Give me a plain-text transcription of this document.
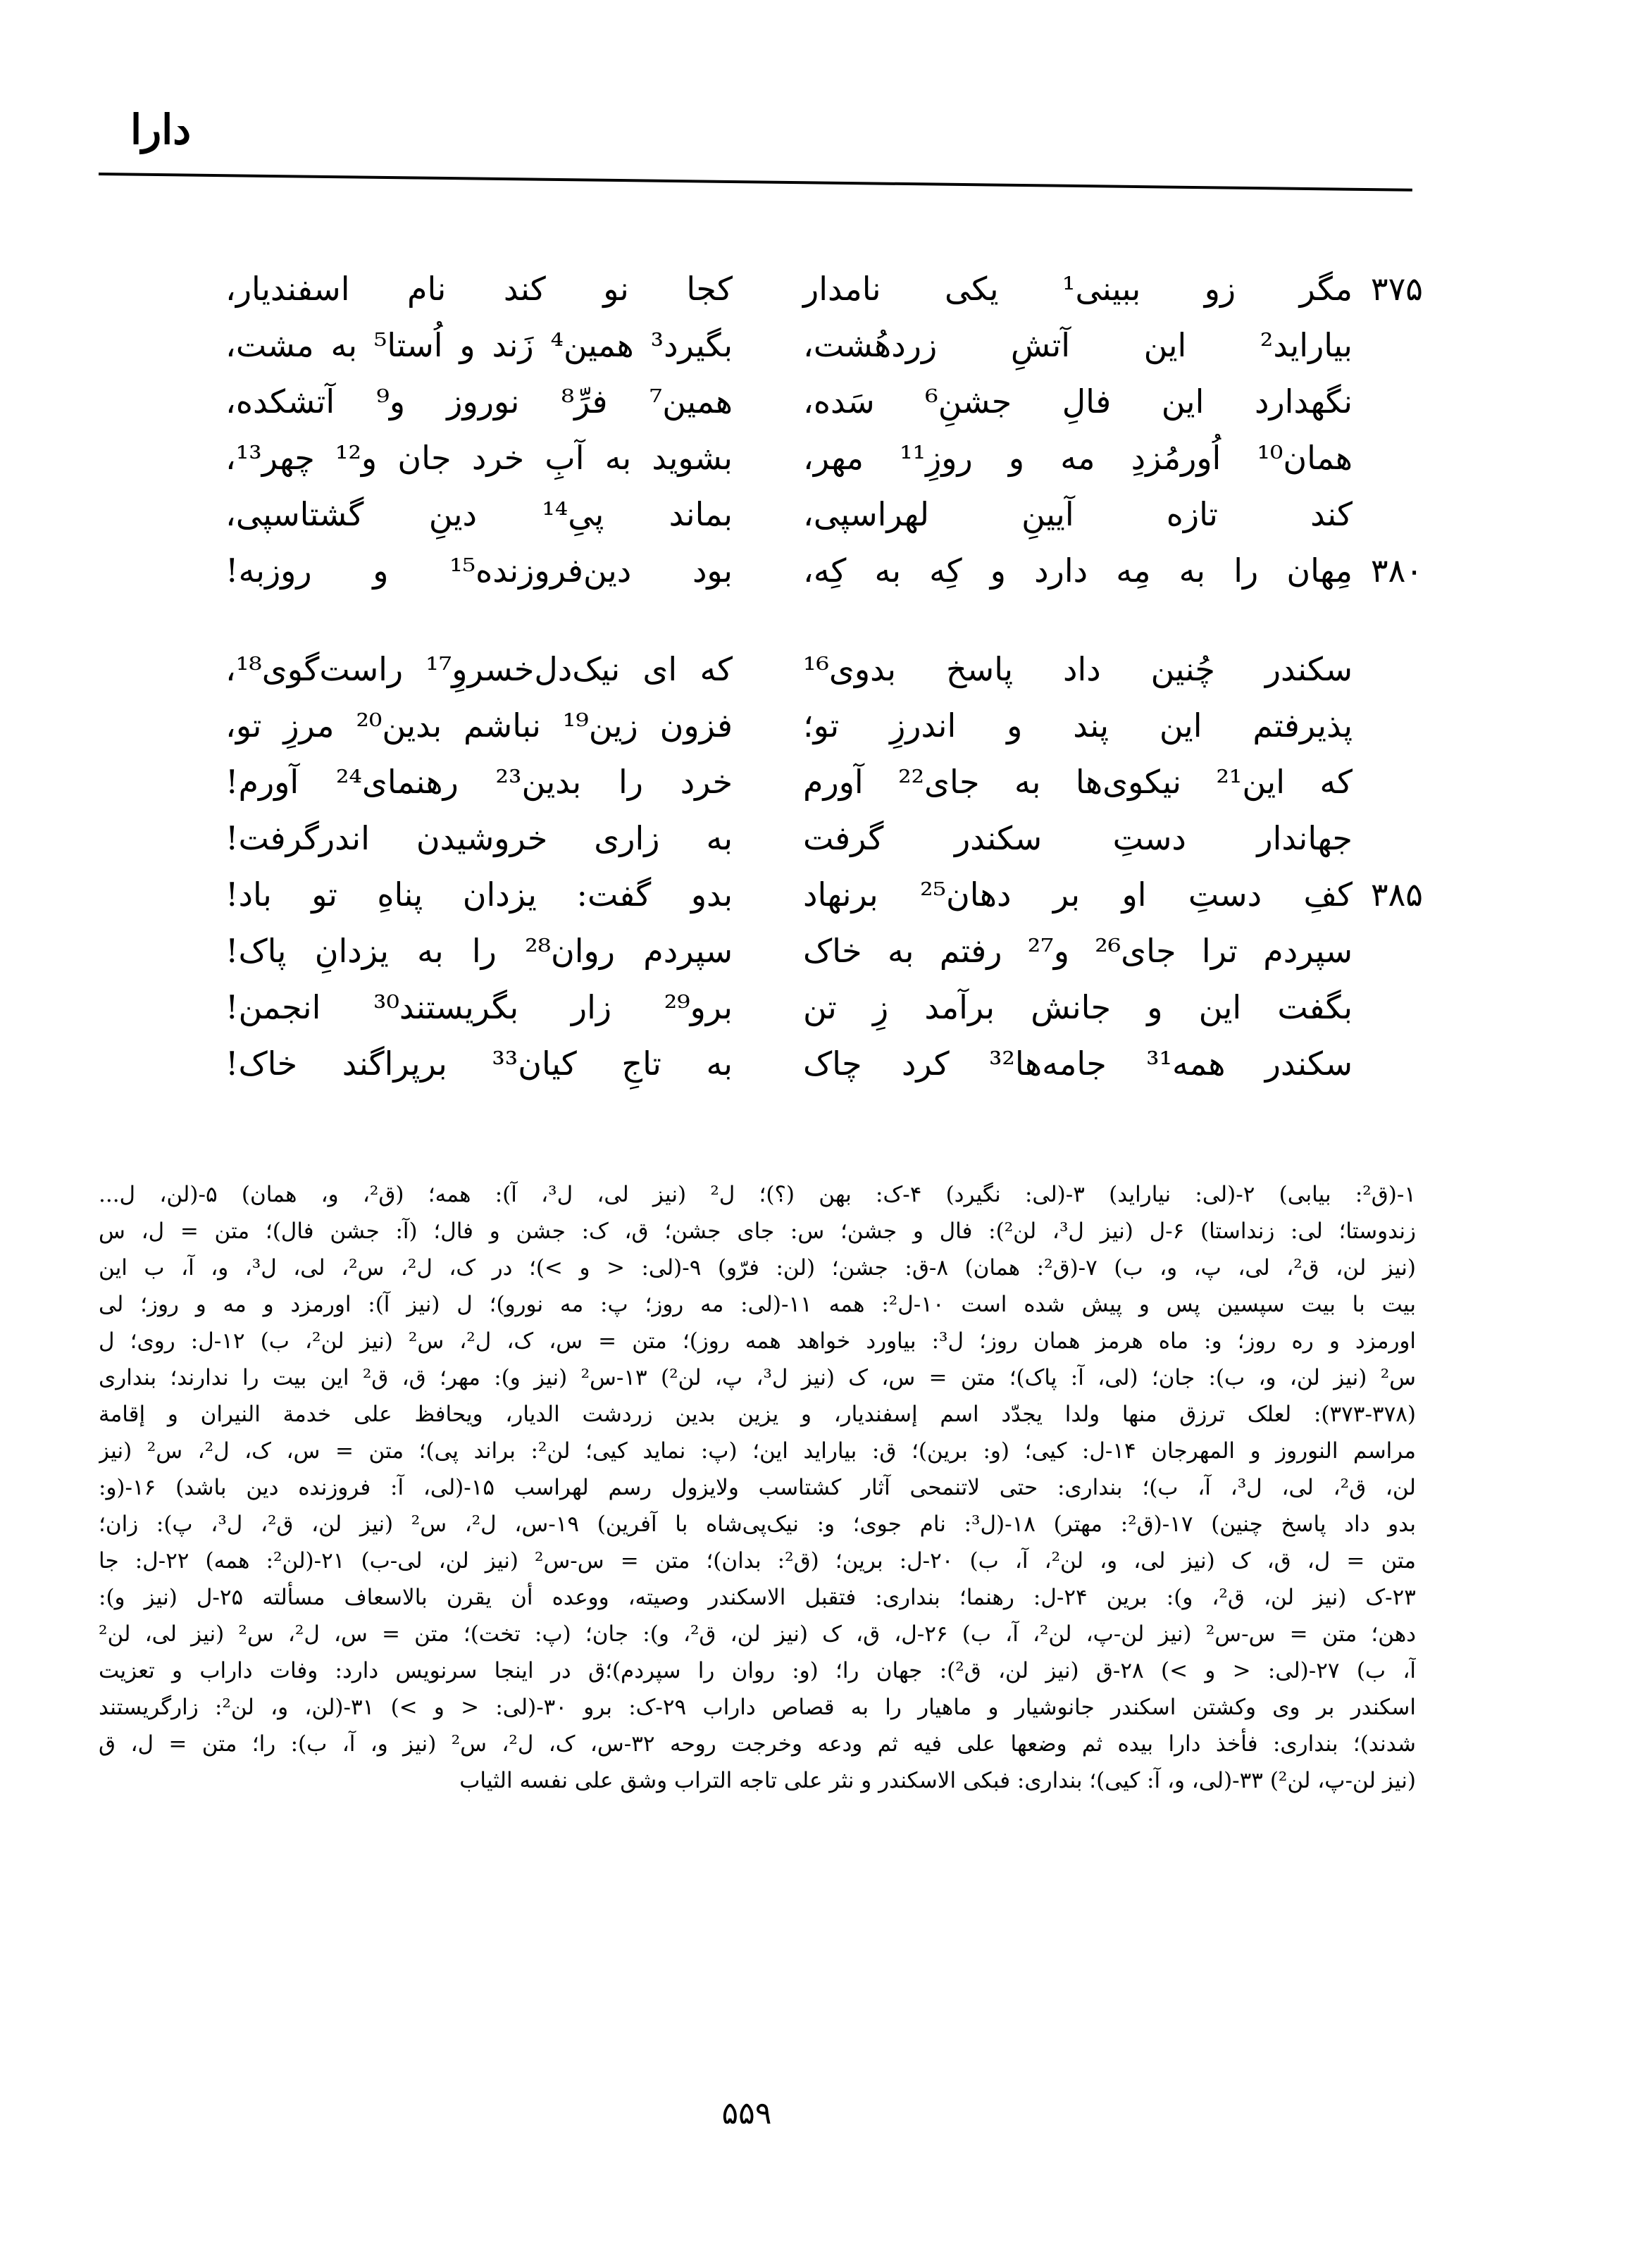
دارا
مگر زو ببینی¹ یکی نامدار ۳۷۵
بیاراید² این آتشِ زردهُشت،
نگهدارد این فالِ جشنِ⁶ سَده،
همان¹⁰ اُورمُزدِ مه و روزِ¹¹ مهر،
کند تازه آیینِ لهراسپی،
مِهان را به مِه دارد و کِه به کِه، ۳۸۰
سکندر چُنین داد پاسخ بدوی¹⁶
پذیرفتم این پند و اندرزِ تو؛
که این²¹ نیکوی‌ها به جای²² آورم
جهاندار دستِ سکندر گرفت
کفِ دستِ او بر دهان²⁵ برنهاد ۳۸۵
سپردم ترا جای²⁶ و²⁷ رفتم به خاک
بگفت این و جانش برآمد زِ تن
سکندر همه³¹ جامه‌ها³² کرد چاک
کجا نو کند نام اسفندیار،
بگیرد³ همین⁴ زَند و اُستا⁵ به مشت،
همین⁷ فرِّ⁸ نوروز و⁹ آتشکده،
بشوید به آبِ خرد جان و¹² چهر¹³،
بماند پیِ¹⁴ دینِ گشتاسپی،
بود دین‌فروزنده¹⁵ و روزبه!
که ای نیک‌دل‌خسروِ¹⁷ راست‌گوی¹⁸،
فزون زین¹⁹ نباشم بدین²⁰ مرزِ تو،
خرد را بدین²³ رهنمای²⁴ آورم!
به زاری خروشیدن اندرگرفت!
بدو گفت: یزدان پناهِ تو باد!
سپردم روان²⁸ را به یزدانِ پاک!
برو²⁹ زار بگریستند³⁰ انجمن!
به تاجِ کیان³³ برپراگند خاک!
۱-(ق²: بیابی) ۲-(لی: نیاراید) ۳-(لی: نگیرد) ۴-ک: بهن (؟)؛ ل² (نیز لی، ل³، آ): همه؛ (ق²، و، همان) ۵-(لن، ل...
زندوستا؛ لی: زنداستا) ۶-ل (نیز ل³، لن²): فال و جشن؛ س: جای جشن؛ ق، ک: جشن و فال؛ (آ: جشن فال)؛ متن = ل، س
(نیز لن، ق²، لی، پ، و، ب) ۷-(ق²: همان) ۸-ق: جشن؛ (لن: فرّو) ۹-(لی: < و >)؛ در ک، ل²، س²، لی، ل³، و، آ، ب این
بیت با بیت سپسین پس و پیش شده است ۱۰-ل²: همه ۱۱-(لی: مه روز؛ پ: مه نورو)؛ ل (نیز آ): اورمزد و مه و روز؛ لی
اورمزد و ره روز؛ و: ماه هرمز همان روز؛ ل³: بیاورد خواهد همه روز)؛ متن = س، ک، ل²، س² (نیز لن²، ب) ۱۲-ل: روی؛ ل
س² (نیز لن، و، ب): جان؛ (لی، آ: پاک)؛ متن = س، ک (نیز ل³، پ، لن²) ۱۳-س² (نیز و): مهر؛ ق، ق² این بیت را ندارند؛ بنداری
(۳۷۳-۳۷۸): لعلک ترزق منها ولدا یجدّد اسم إسفندیار، و یزین بدین زردشت الدیار، ویحافظ علی خدمة النیران و إقامة
مراسم النوروز و المهرجان ۱۴-ل: کیی؛ (و: برین)؛ ق: بیاراید این؛ (پ: نماید کیی؛ لن²: براند پی)؛ متن = س، ک، ل²، س² (نیز
لن، ق²، لی، ل³، آ، ب)؛ بنداری: حتی لاتنمحی آثار کشتاسب ولایزول رسم لهراسب ۱۵-(لی، آ: فروزنده دین باشد) ۱۶-(و:
بدو داد پاسخ چنین) ۱۷-(ق²: مهتر) ۱۸-(ل³: نام جوی؛ و: نیک‌پی‌شاه با آفرین) ۱۹-س، ل²، س² (نیز لن، ق²، ل³، پ): زان؛
متن = ل، ق، ک (نیز لی، و، لن²، آ، ب) ۲۰-ل: برین؛ (ق²: بدان)؛ متن = س-س² (نیز لن، لی-ب) ۲۱-(لن²: همه) ۲۲-ل: جا
۲۳-ک (نیز لن، ق²، و): برین ۲۴-ل: رهنما؛ بنداری: فتقبل الاسکندر وصیته، ووعده أن یقرن بالاسعاف مسألته ۲۵-ل (نیز و):
دهن؛ متن = س-س² (نیز لن-پ، لن²، آ، ب) ۲۶-ل، ق، ک (نیز لن، ق²، و): جان؛ (پ: تخت)؛ متن = س، ل²، س² (نیز لی، لن²
آ، ب) ۲۷-(لی: < و >) ۲۸-ق (نیز لن، ق²): جهان را؛ (و: روان را سپردم)؛ق در اینجا سرنویس دارد: وفات داراب و تعزیت
اسکندر بر وی وکشتن اسکندر جانوشیار و ماهیار را به قصاص داراب ۲۹-ک: برو ۳۰-(لی: < و >) ۳۱-(لن، و، لن²: زارگریستند
شدند)؛ بنداری: فأخذ دارا بیده ثم وضعها علی فیه ثم ودعه وخرجت روحه ۳۲-س، ک، ل²، س² (نیز و، آ، ب): را؛ متن = ل، ق
(نیز لن-پ، لن²) ۳۳-(لی، و، آ: کیی)؛ بنداری: فبکی الاسکندر و نثر علی تاجه التراب وشق علی نفسه الثیاب
۵۵۹
